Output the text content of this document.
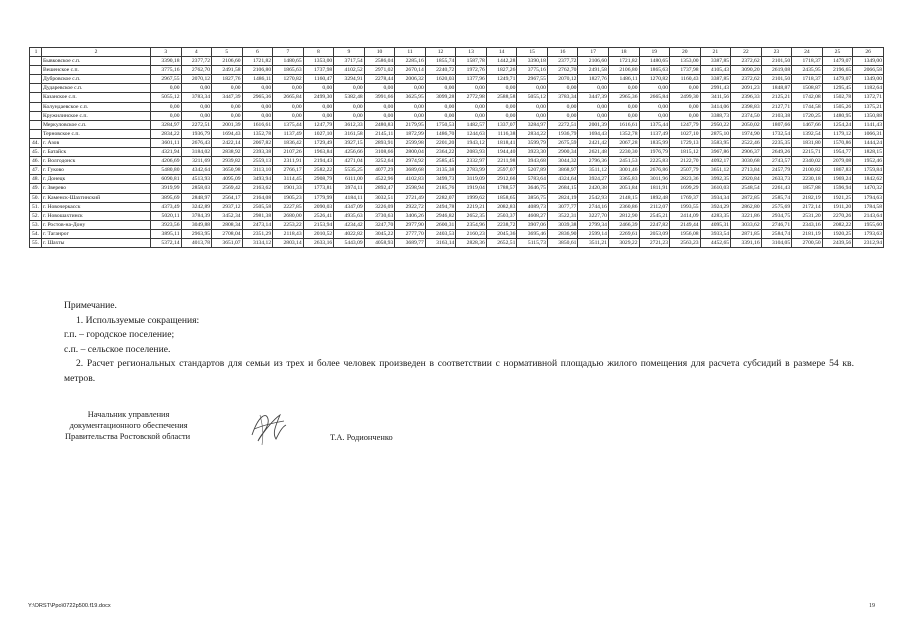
1	2	3	4	5	6	7	8	9	10	11	12	13	14	15	16	17	18	19	20	21	22	23	24	25	26
	Бывковское с.п.	3390,18	2377,72	2106,60	1721,82	1480,65	1353,00	3717,54	2586,04	2285,16	1855,74	1587,78	1442,28	3390,18	2377,72	2106,60	1721,82	1480,65	1353,00	3387,85	2372,62	2101,50	1718,37	1479,07	1349,00
	Вешенское с.п.	3775,16	2762,70	2491,58	2106,80	1865,63	1737,98	4102,52	2971,02	2670,14	2240,72	1972,76	1827,26	3775,16	2762,70	2491,58	2106,80	1865,63	1737,98	4105,43	3090,20	2619,08	2435,95	2196,65	2066,58
	Дубровское с.п.	2967,55	2070,12	1827,76	1486,11	1270,82	1160,47	3294,91	2278,44	2006,32	1620,03	1377,96	1249,71	2967,55	2070,12	1827,76	1486,11	1270,82	1160,43	3387,85	2372,62	2101,50	1718,37	1479,07	1349,00
	Дударевское с.п.	0,00	0,00	0,00	0,00	0,00	0,00	0,00	0,00	0,00	0,00	0,00	0,00	0,00	0,00	0,00	0,00	0,00	0,00	2991,43	2091,23	1848,87	1508,87	1295,45	1182,64
	Казанское с.п.	5055,12	3783,34	3447,39	2965,36	2665,84	2499,30	5382,48	3991,66	3625,95	3099,28	2772,98	2588,58	5055,12	3783,34	3447,39	2965,36	2665,84	2499,30	3411,56	2396,33	2125,21	1742,08	1502,78	1372,71
	Колундаевское с.п.	0,00	0,00	0,00	0,00	0,00	0,00	0,00	0,00	0,00	0,00	0,00	0,00	0,00	0,00	0,00	0,00	0,00	0,00	3414,06	2398,83	2127,71	1744,58	1505,26	1375,21
	Кружилинское с.п.	0,00	0,00	0,00	0,00	0,00	0,00	0,00	0,00	0,00	0,00	0,00	0,00	0,00	0,00	0,00	0,00	0,00	0,00	3388,73	2374,50	2103,38	1720,25	1480,95	1350,88
	Меркуловское с.п.	3284,97	2272,51	2001,39	1616,61	1375,44	1247,79	3612,33	2480,83	2179,95	1750,53	1482,57	1337,07	3284,97	2272,51	2001,39	1616,61	1375,44	1247,79	2950,22	2050,02	1807,66	1467,66	1254,24	1141,43
	Терновское с.п.	2834,22	1936,79	1694,43	1352,78	1137,49	1027,10	3161,58	2145,11	1872,99	1486,70	1244,63	1116,38	2834,22	1936,79	1694,43	1352,78	1137,49	1027,10	2875,10	1974,90	1732,54	1392,54	1179,12	1066,31
44.	г. Азов	3601,11	2676,43	2422,14	2067,82	1836,42	1729,49	3927,15	2893,91	2599,98	2201,20	1943,12	1818,41	3599,79	2675,59	2421,42	2067,28	1835,99	1729,13	3583,95	2522,46	2235,35	1831,80	1570,86	1444,24
45.	г. Батайск	4321,94	3184,02	2838,92	2393,38	2107,26	1963,84	4256,66	3108,66	2800,04	2364,22	2083,93	1944,40	3923,30	2900,34	2621,48	2230,30	1976,79	1815,12	3967,86	2906,37	2649,26	2215,71	1954,77	1828,15
46.	г. Волгодонск	4206,69	3211,69	2939,82	2559,13	2311,91	2194,43	4271,04	3252,64	2974,92	2585,45	2332,97	2211,98	3943,68	3044,32	2796,36	2451,53	2225,83	2122,70	4092,17	3030,68	2743,57	2340,02	2079,08	1952,46
47.	г. Гуково	5480,80	4342,64	3650,98	3113,10	2766,17	2582,22	5535,25	4077,29	3689,68	3135,38	2783,99	2597,07	5207,89	3868,97	3511,12	3001,46	2676,86	2507,79	3651,12	2713,84	2457,79	2100,82	1867,83	1759,84
48.	г. Донецк	6090,81	4513,93	4095,09	3493,94	3114,45	2908,79	6111,00	4522,96	4102,83	3499,73	3119,09	2912,66	5783,64	4324,64	3924,27	3365,83	3011,96	2823,36	3992,35	2920,84	2633,73	2230,18	1969,24	1842,62
49.	г. Зверево	3919,99	2858,03	2569,42	2163,62	1901,33	1773,81	3974,11	2892,47	2598,94	2185,76	1919,04	1788,57	3646,75	2684,15	2420,38	2051,84	1811,91	1699,29	3610,03	2548,54	2261,43	1857,88	1596,94	1470,32
50.	г. Каменск-Шахтинский	3895,69	2848,97	2564,17	2164,08	1905,23	1779,99	4184,11	3032,51	2721,49	2282,07	1999,62	1858,65	3856,75	2824,19	2542,93	2148,15	1892,48	1769,37	3934,34	2872,85	2585,74	2182,19	1921,25	1794,63
51.	г. Новочеркасск	4373,49	3242,89	2937,12	2505,58	2227,85	2090,03	4347,09	3226,09	2922,72	2494,78	2219,21	2082,83	4089,73	3077,77	2744,16	2360,86	2112,07	1993,55	3924,29	2862,80	2575,69	2172,14	1911,20	1784,58
52.	г. Новошахтинск	5020,11	3784,39	3452,34	2981,38	2680,00	2526,41	4935,63	3730,63	3406,26	2946,82	2652,35	2503,37	4608,27	3522,31	3227,70	2812,90	2545,21	2414,09	4283,35	3221,86	2934,75	2531,20	2270,26	2143,64
53.	г. Ростов-на-Дону	3923,56	3049,88	2808,34	2473,14	2253,22	2153,94	4234,42	3247,70	2977,90	2600,31	2354,96	2238,72	3907,06	3039,38	2799,34	2466,39	2247,82	2149,44	4095,31	3033,62	2746,71	2343,16	2082,22	1955,60
54.	г. Таганрог	3895,11	2963,95	2708,04	2351,29	2118,43	2010,52	4022,82	3045,22	2777,70	2403,53	2160,23	2045,36	3695,46	2836,90	2599,14	2269,61	2053,09	1956,08	3933,54	2871,85	2584,74	2181,19	1920,25	1793,63
55.	г. Шахты	5372,14	4013,78	3651,07	3134,12	2803,14	2633,16	5443,09	4058,93	3689,77	3163,14	2828,36	2652,51	5115,73	3850,61	3511,21	3029,22	2721,23	2563,23	4452,65	3391,16	3104,05	2700,50	2439,56	2312,94

Примечание.

1. Используемые сокращения:

г.п. – городское поселение;

с.п. – сельское поселение.

2. Расчет региональных стандартов для семьи из трех и более человек произведен в соответствии с нормативной площадью жилого помещения для расчета субсидий в размере 54 кв. метров.

Начальник управления
документационного обеспечения
Правительства Ростовской области	Т.А. Родионченко
Y:\ORST\Ppo\0722p500.f19.docx	19
